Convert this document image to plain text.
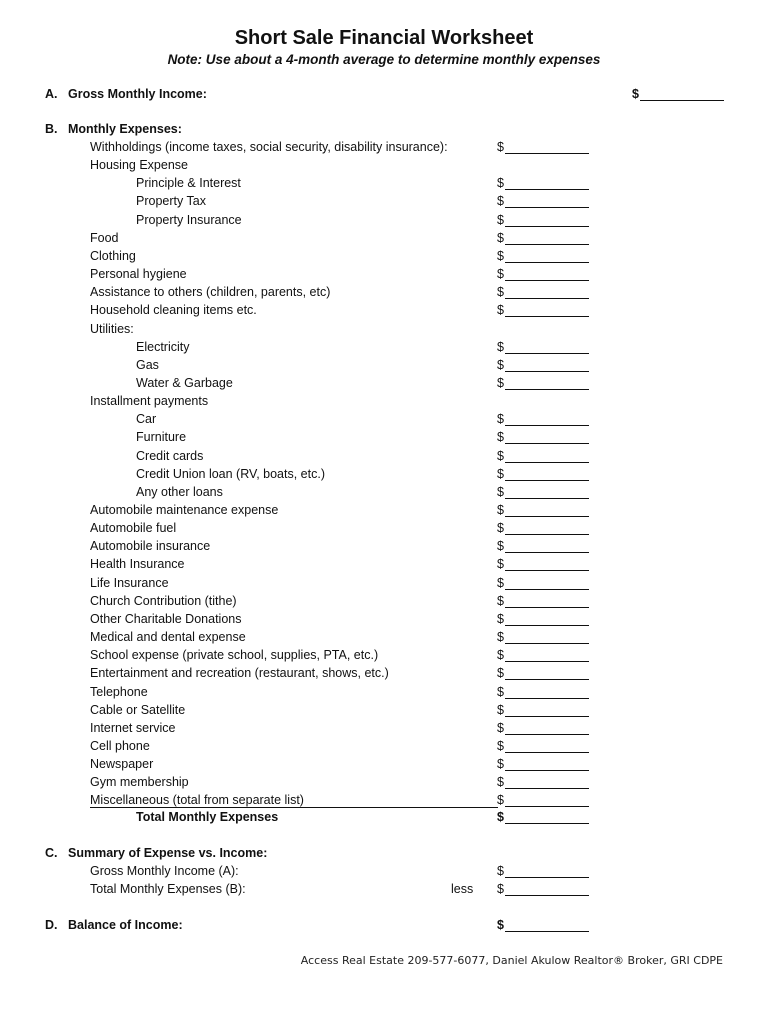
Short Sale Financial Worksheet
Note: Use about a 4-month average to determine monthly expenses
A. Gross Monthly Income:	$
B. Monthly Expenses:
Withholdings (income taxes, social security, disability insurance):	$
Housing Expense
Principle & Interest	$
Property Tax	$
Property Insurance	$
Food	$
Clothing	$
Personal hygiene	$
Assistance to others (children, parents, etc)	$
Household cleaning items etc.	$
Utilities:
Electricity	$
Gas	$
Water & Garbage	$
Installment payments
Car	$
Furniture	$
Credit cards	$
Credit Union loan (RV, boats, etc.)	$
Any other loans	$
Automobile maintenance expense	$
Automobile fuel	$
Automobile insurance	$
Health Insurance	$
Life Insurance	$
Church Contribution (tithe)	$
Other Charitable Donations	$
Medical and dental expense	$
School expense (private school, supplies, PTA, etc.)	$
Entertainment and recreation (restaurant, shows, etc.)	$
Telephone	$
Cable or Satellite	$
Internet service	$
Cell phone	$
Newspaper	$
Gym membership	$
Miscellaneous (total from separate list)	$
Total Monthly Expenses	$
C. Summary of Expense vs. Income:
Gross Monthly Income (A):	$
Total Monthly Expenses (B):	less $
D. Balance of Income:	$
Access Real Estate 209-577-6077, Daniel Akulow Realtor® Broker, GRI CDPE
